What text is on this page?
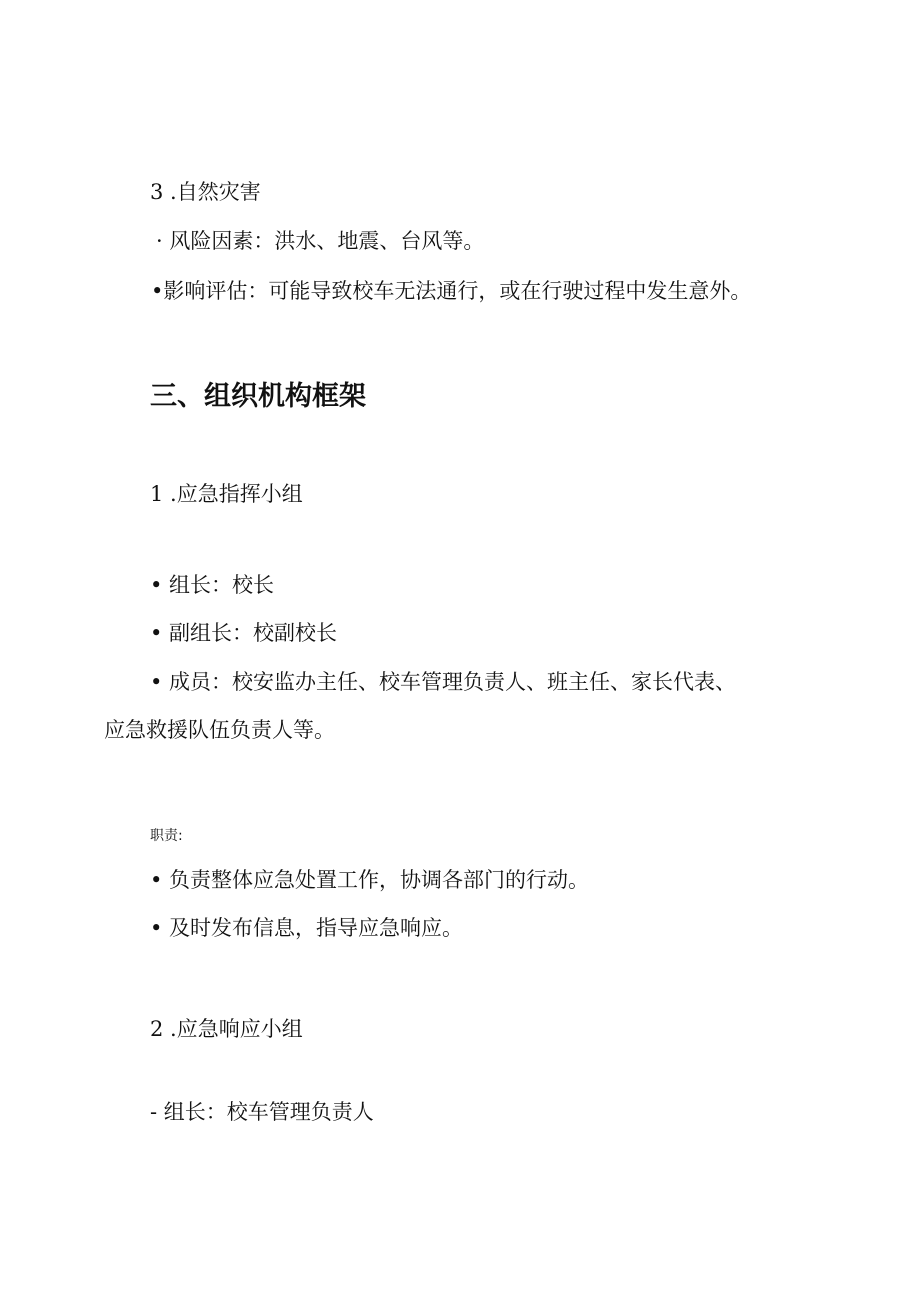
3 .自然灾害

· 风险因素：洪水、地震、台风等。

•影响评估：可能导致校车无法通行，或在行驶过程中发生意外。

三、组织机构框架

1 .应急指挥小组

• 组长：校长

• 副组长：校副校长

• 成员：校安监办主任、校车管理负责人、班主任、家长代表、

应急救援队伍负责人等。

职责:

• 负责整体应急处置工作，协调各部门的行动。

• 及时发布信息，指导应急响应。

2 .应急响应小组

- 组长：校车管理负责人
